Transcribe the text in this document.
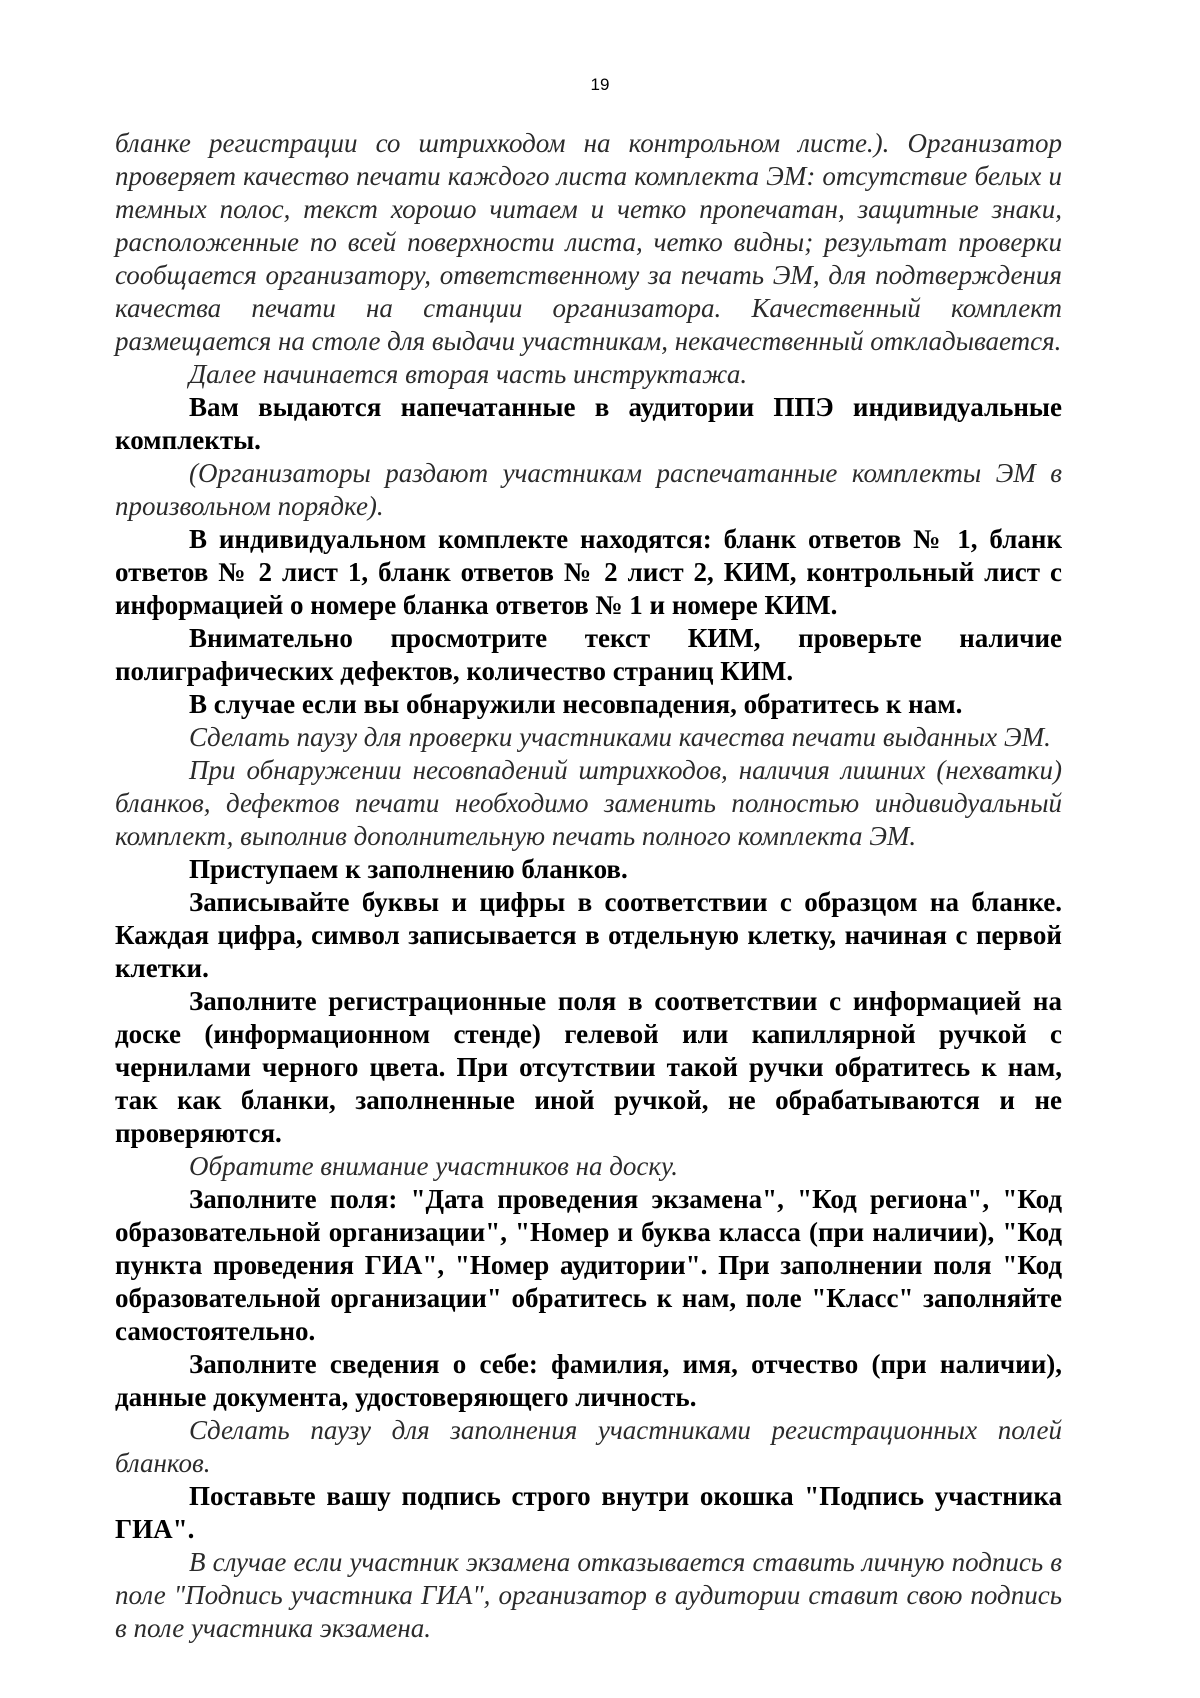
19

бланке регистрации со штрихкодом на контрольном листе.). Организатор проверяет качество печати каждого листа комплекта ЭМ: отсутствие белых и темных полос, текст хорошо читаем и четко пропечатан, защитные знаки, расположенные по всей поверхности листа, четко видны; результат проверки сообщается организатору, ответственному за печать ЭМ, для подтверждения качества печати на станции организатора. Качественный комплект размещается на столе для выдачи участникам, некачественный откладывается.

Далее начинается вторая часть инструктажа.

Вам выдаются напечатанные в аудитории ППЭ индивидуальные комплекты.

(Организаторы раздают участникам распечатанные комплекты ЭМ в произвольном порядке).

В индивидуальном комплекте находятся: бланк ответов № 1, бланк ответов № 2 лист 1, бланк ответов № 2 лист 2, КИМ, контрольный лист с информацией о номере бланка ответов № 1 и номере КИМ.

Внимательно просмотрите текст КИМ, проверьте наличие полиграфических дефектов, количество страниц КИМ.

В случае если вы обнаружили несовпадения, обратитесь к нам.

Сделать паузу для проверки участниками качества печати выданных ЭМ.

При обнаружении несовпадений штрихкодов, наличия лишних (нехватки) бланков, дефектов печати необходимо заменить полностью индивидуальный комплект, выполнив дополнительную печать полного комплекта ЭМ.

Приступаем к заполнению бланков.

Записывайте буквы и цифры в соответствии с образцом на бланке. Каждая цифра, символ записывается в отдельную клетку, начиная с первой клетки.

Заполните регистрационные поля в соответствии с информацией на доске (информационном стенде) гелевой или капиллярной ручкой с чернилами черного цвета. При отсутствии такой ручки обратитесь к нам, так как бланки, заполненные иной ручкой, не обрабатываются и не проверяются.

Обратите внимание участников на доску.

Заполните поля: "Дата проведения экзамена", "Код региона", "Код образовательной организации", "Номер и буква класса (при наличии), "Код пункта проведения ГИА", "Номер аудитории". При заполнении поля "Код образовательной организации" обратитесь к нам, поле "Класс" заполняйте самостоятельно.

Заполните сведения о себе: фамилия, имя, отчество (при наличии), данные документа, удостоверяющего личность.

Сделать паузу для заполнения участниками регистрационных полей бланков.

Поставьте вашу подпись строго внутри окошка "Подпись участника ГИА".

В случае если участник экзамена отказывается ставить личную подпись в поле "Подпись участника ГИА", организатор в аудитории ставит свою подпись в поле участника экзамена.
